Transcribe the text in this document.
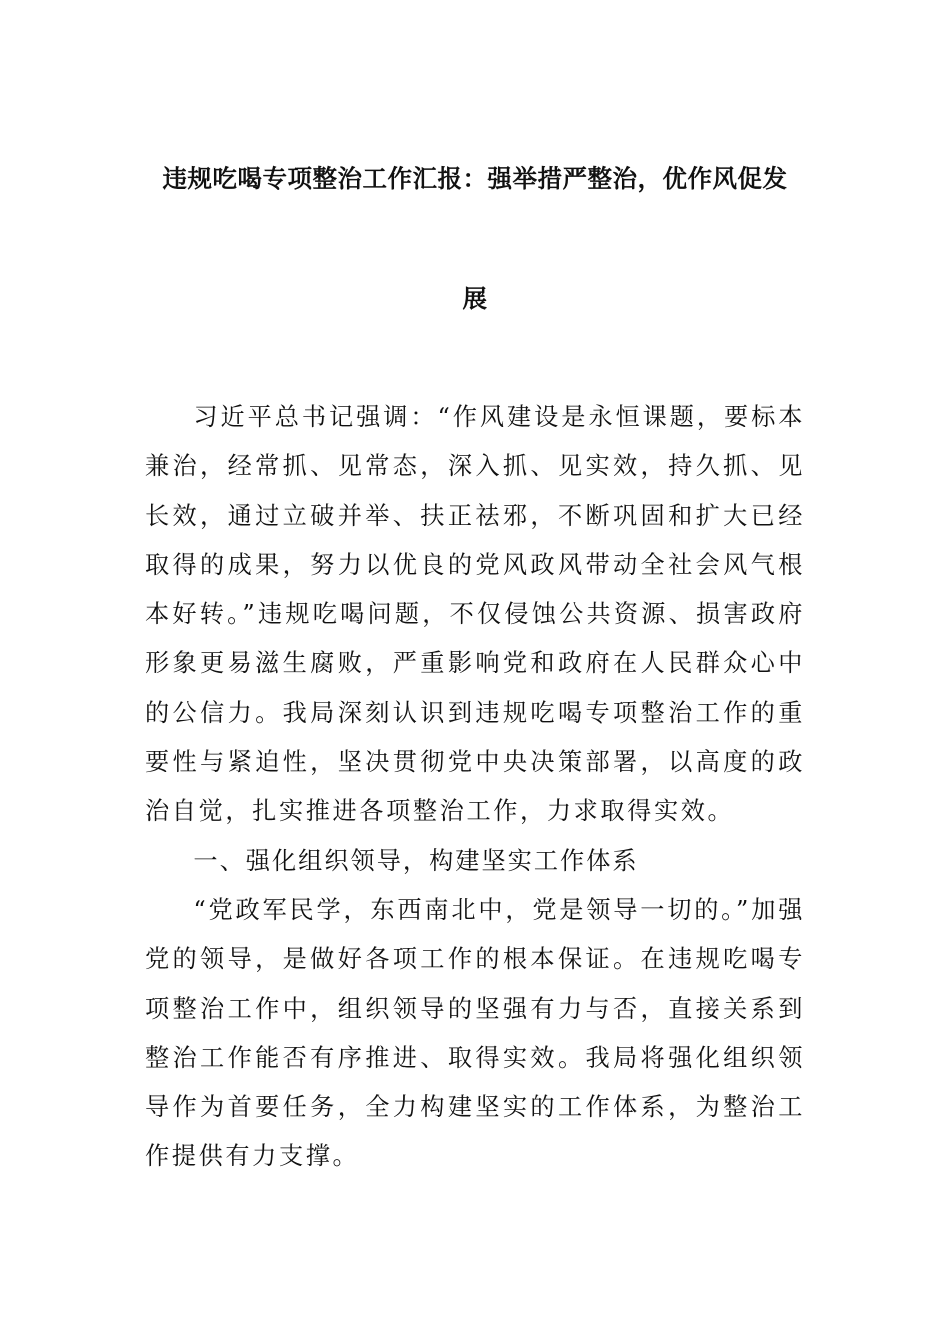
违规吃喝专项整治工作汇报：强举措严整治，优作风促发
展

习近平总书记强调：“作风建设是永恒课题，要标本兼治，经常抓、见常态，深入抓、见实效，持久抓、见长效，通过立破并举、扶正祛邪，不断巩固和扩大已经取得的成果，努力以优良的党风政风带动全社会风气根本好转。”违规吃喝问题，不仅侵蚀公共资源、损害政府形象更易滋生腐败，严重影响党和政府在人民群众心中的公信力。我局深刻认识到违规吃喝专项整治工作的重要性与紧迫性，坚决贯彻党中央决策部署，以高度的政治自觉，扎实推进各项整治工作，力求取得实效。

一、强化组织领导，构建坚实工作体系

“党政军民学，东西南北中，党是领导一切的。”加强党的领导，是做好各项工作的根本保证。在违规吃喝专项整治工作中，组织领导的坚强有力与否，直接关系到整治工作能否有序推进、取得实效。我局将强化组织领导作为首要任务，全力构建坚实的工作体系，为整治工作提供有力支撑。
